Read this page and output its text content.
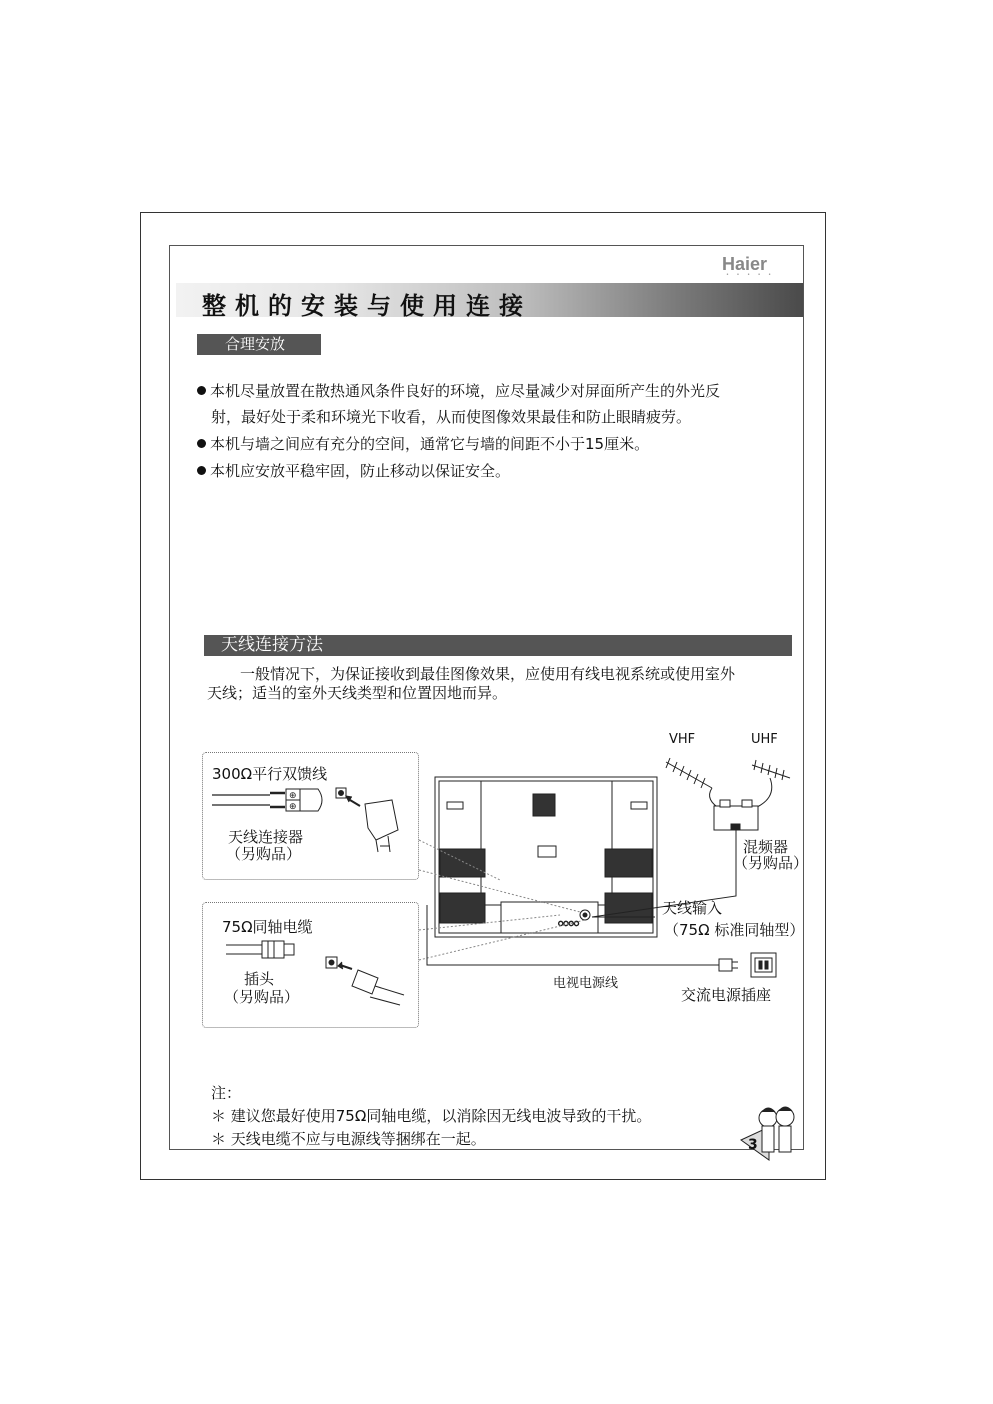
Haier
• • • • •
整机的安装与使用连接
合理安放
本机尽量放置在散热通风条件良好的环境，应尽量减少对屏面所产生的外光反
射，最好处于柔和环境光下收看，从而使图像效果最佳和防止眼睛疲劳。
本机与墙之间应有充分的空间，通常它与墙的间距不小于15厘米。
本机应安放平稳牢固，防止移动以保证安全。
天线连接方法
一般情况下，为保证接收到最佳图像效果，应使用有线电视系统或使用室外
天线；适当的室外天线类型和位置因地而异。
⊕
⊕
○○○○
300Ω平行双馈线
天线连接器
（另购品）
75Ω同轴电缆
插头
（另购品）
VHF	UHF
混频器
（另购品）
天线输入
（75Ω 标准同轴型）
电视电源线
交流电源插座
注：
＊ 建议您最好使用75Ω同轴电缆，以消除因无线电波导致的干扰。
＊ 天线电缆不应与电源线等捆绑在一起。	3
